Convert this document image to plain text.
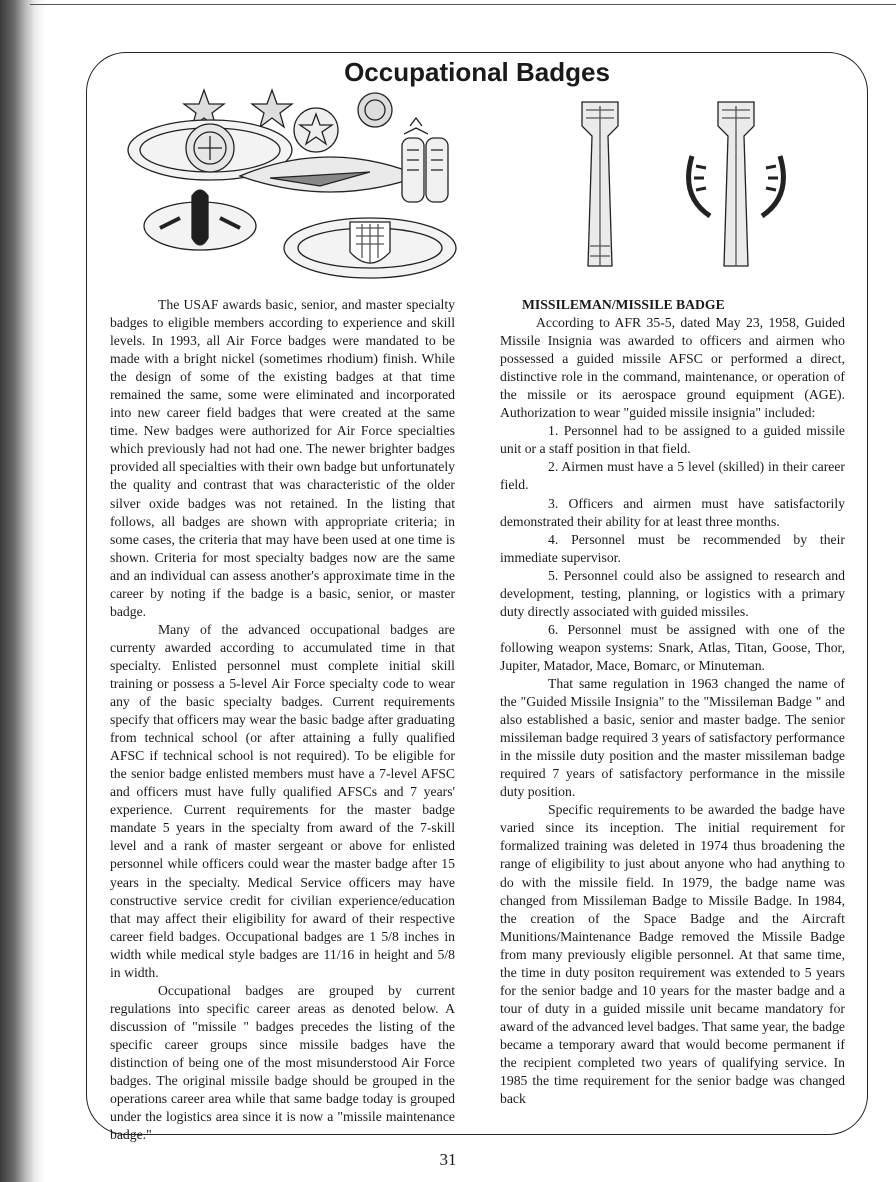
Occupational Badges

The USAF awards basic, senior, and master specialty badges to eligible members according to experience and skill levels. In 1993, all Air Force badges were mandated to be made with a bright nickel (sometimes rhodium) finish. While the design of some of the existing badges at that time remained the same, some were eliminated and incorporated into new career field badges that were created at the same time. New badges were authorized for Air Force specialties which previously had not had one. The newer brighter badges provided all specialties with their own badge but unfortunately the quality and contrast that was characteristic of the older silver oxide badges was not retained. In the listing that follows, all badges are shown with appropriate criteria; in some cases, the criteria that may have been used at one time is shown. Criteria for most specialty badges now are the same and an individual can assess another's approximate time in the career by noting if the badge is a basic, senior, or master badge.

Many of the advanced occupational badges are currenty awarded according to accumulated time in that specialty. Enlisted personnel must complete initial skill training or possess a 5-level Air Force specialty code to wear any of the basic specialty badges. Current requirements specify that officers may wear the basic badge after graduating from technical school (or after attaining a fully qualified AFSC if technical school is not required). To be eligible for the senior badge enlisted members must have a 7-level AFSC and officers must have fully qualified AFSCs and 7 years' experience. Current requirements for the master badge mandate 5 years in the specialty from award of the 7-skill level and a rank of master sergeant or above for enlisted personnel while officers could wear the master badge after 15 years in the specialty. Medical Service officers may have constructive service credit for civilian experience/education that may affect their eligibility for award of their respective career field badges. Occupational badges are 1 5/8 inches in width while medical style badges are 11/16 in height and 5/8 in width.

Occupational badges are grouped by current regulations into specific career areas as denoted below. A discussion of "missile " badges precedes the listing of the specific career groups since missile badges have the distinction of being one of the most misunderstood Air Force badges. The original missile badge should be grouped in the operations career area while that same badge today is grouped under the logistics area since it is now a "missile maintenance badge."

MISSILEMAN/MISSILE BADGE

According to AFR 35-5, dated May 23, 1958, Guided Missile Insignia was awarded to officers and airmen who possessed a guided missile AFSC or performed a direct, distinctive role in the command, maintenance, or operation of the missile or its aerospace ground equipment (AGE). Authorization to wear "guided missile insignia" included:

1. Personnel had to be assigned to a guided missile unit or a staff position in that field.

2. Airmen must have a 5 level (skilled) in their career field.

3. Officers and airmen must have satisfactorily demonstrated their ability for at least three months.

4. Personnel must be recommended by their immediate supervisor.

5. Personnel could also be assigned to research and development, testing, planning, or logistics with a primary duty directly associated with guided missiles.

6. Personnel must be assigned with one of the following weapon systems: Snark, Atlas, Titan, Goose, Thor, Jupiter, Matador, Mace, Bomarc, or Minuteman.

That same regulation in 1963 changed the name of the "Guided Missile Insignia" to the "Missileman Badge " and also established a basic, senior and master badge. The senior missileman badge required 3 years of satisfactory performance in the missile duty position and the master missileman badge required 7 years of satisfactory performance in the missile duty position.

Specific requirements to be awarded the badge have varied since its inception. The initial requirement for formalized training was deleted in 1974 thus broadening the range of eligibility to just about anyone who had anything to do with the missile field. In 1979, the badge name was changed from Missileman Badge to Missile Badge. In 1984, the creation of the Space Badge and the Aircraft Munitions/Maintenance Badge removed the Missile Badge from many previously eligible personnel. At that same time, the time in duty positon requirement was extended to 5 years for the senior badge and 10 years for the master badge and a tour of duty in a guided missile unit became mandatory for award of the advanced level badges. That same year, the badge became a temporary award that would become permanent if the recipient completed two years of qualifying service. In 1985 the time requirement for the senior badge was changed back

31
